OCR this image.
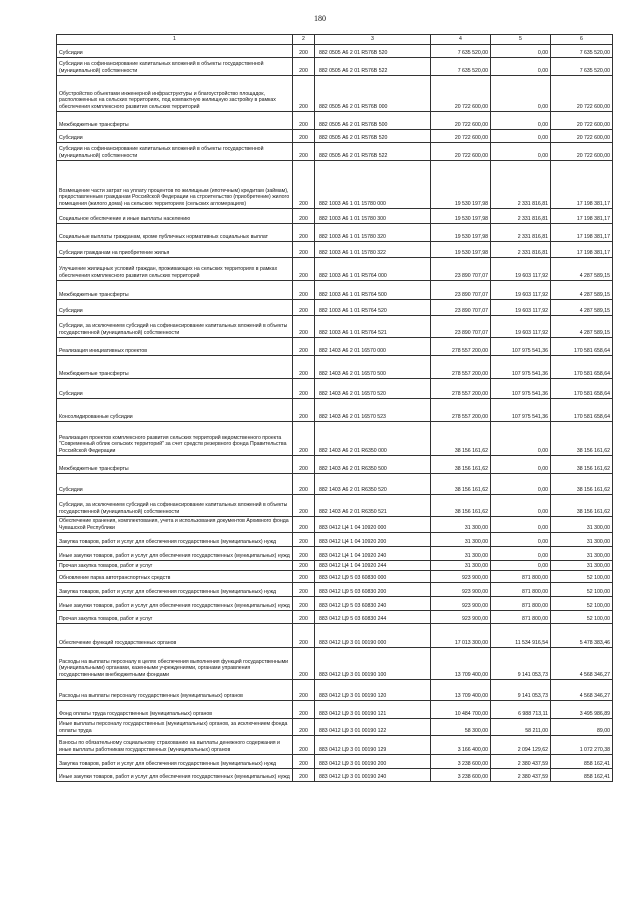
180
1	2	3	4	5	6
Субсидии	200	882 0505 А6 2 01 R576B 520	7 635 520,00	0,00	7 635 520,00
Субсидии на софинансирование капитальных вложений в объекты государственной (муниципальной) собственности	200	882 0505 А6 2 01 R576B 522	7 635 520,00	0,00	7 635 520,00
Обустройство объектами инженерной инфраструктуры и благоустройство площадок, расположенных на сельских территориях, под компактную жилищную застройку в рамках обеспечения комплексного развития сельских территорий	200	882 0505 А6 2 01 R576B 000	20 722 600,00	0,00	20 722 600,00
Межбюджетные трансферты	200	882 0505 А6 2 01 R576B 500	20 722 600,00	0,00	20 722 600,00
Субсидии	200	882 0505 А6 2 01 R576B 520	20 722 600,00	0,00	20 722 600,00
Субсидии на софинансирование капитальных вложений в объекты государственной (муниципальной) собственности	200	882 0505 А6 2 01 R576B 522	20 722 600,00	0,00	20 722 600,00
Возмещение части затрат на уплату процентов по жилищным (ипотечным) кредитам (займам), предоставленным гражданам Российской Федерации на строительство (приобретение) жилого помещения (жилого дома) на сельских территориях (сельских агломерациях)	200	882 1003 А6 1 01 15780 000	19 530 197,98	2 331 816,81	17 198 381,17
Социальное обеспечение и иные выплаты населению	200	882 1003 А6 1 01 15780 300	19 530 197,98	2 331 816,81	17 198 381,17
Социальные выплаты гражданам, кроме публичных нормативных социальных выплат	200	882 1003 А6 1 01 15780 320	19 530 197,98	2 331 816,81	17 198 381,17
Субсидии гражданам на приобретение жилья	200	882 1003 А6 1 01 15780 322	19 530 197,98	2 331 816,81	17 198 381,17
Улучшение жилищных условий граждан, проживающих на сельских территориях в рамках обеспечения комплексного развития сельских территорий	200	882 1003 А6 1 01 R5764 000	23 890 707,07	19 603 117,92	4 287 589,15
Межбюджетные трансферты	200	882 1003 А6 1 01 R5764 500	23 890 707,07	19 603 117,92	4 287 589,15
Субсидии	200	882 1003 А6 1 01 R5764 520	23 890 707,07	19 603 117,92	4 287 589,15
Субсидии, за исключением субсидий на софинансирование капитальных вложений в объекты государственной (муниципальной) собственности	200	882 1003 А6 1 01 R5764 521	23 890 707,07	19 603 117,92	4 287 589,15
Реализация инициативных проектов	200	882 1403 А6 2 01 16570 000	278 557 200,00	107 975 541,36	170 581 658,64
Межбюджетные трансферты	200	882 1403 А6 2 01 16570 500	278 557 200,00	107 975 541,36	170 581 658,64
Субсидии	200	882 1403 А6 2 01 16570 520	278 557 200,00	107 975 541,36	170 581 658,64
Консолидированные субсидии	200	882 1403 А6 2 01 16570 523	278 557 200,00	107 975 541,36	170 581 658,64
Реализация проектов комплексного развития сельских территорий ведомственного проекта "Современный облик сельских территорий" за счет средств резервного фонда Правительства Российской Федерации	200	882 1403 А6 2 01 R6350 000	38 156 161,62	0,00	38 156 161,62
Межбюджетные трансферты	200	882 1403 А6 2 01 R6350 500	38 156 161,62	0,00	38 156 161,62
Субсидии	200	882 1403 А6 2 01 R6350 520	38 156 161,62	0,00	38 156 161,62
Субсидии, за исключением субсидий на софинансирование капитальных вложений в объекты государственной (муниципальной) собственности	200	882 1403 А6 2 01 R6350 521	38 156 161,62	0,00	38 156 161,62
Обеспечение хранения, комплектования, учета и использования документов Архивного фонда Чувашской Республики	200	883 0412 Ц4 1 04 10920 000	31 300,00	0,00	31 300,00
Закупка товаров, работ и услуг для обеспечения государственных (муниципальных) нужд	200	883 0412 Ц4 1 04 10920 200	31 300,00	0,00	31 300,00
Иные закупки товаров, работ и услуг для обеспечения государственных (муниципальных) нужд	200	883 0412 Ц4 1 04 10920 240	31 300,00	0,00	31 300,00
Прочая закупка товаров, работ и услуг	200	883 0412 Ц4 1 04 10920 244	31 300,00	0,00	31 300,00
Обновление парка автотранспортных средств	200	883 0412 Ц9 5 03 60830 000	923 900,00	871 800,00	52 100,00
Закупка товаров, работ и услуг для обеспечения государственных (муниципальных) нужд	200	883 0412 Ц9 5 03 60830 200	923 900,00	871 800,00	52 100,00
Иные закупки товаров, работ и услуг для обеспечения государственных (муниципальных) нужд	200	883 0412 Ц9 5 03 60830 240	923 900,00	871 800,00	52 100,00
Прочая закупка товаров, работ и услуг	200	883 0412 Ц9 5 03 60830 244	923 900,00	871 800,00	52 100,00
Обеспечение функций государственных органов	200	883 0412 Ц9 3 01 00190 000	17 013 300,00	11 534 916,54	5 478 383,46
Расходы на выплаты персоналу в целях обеспечения выполнения функций государственными (муниципальными) органами, казенными учреждениями, органами управления государственными внебюджетными фондами	200	883 0412 Ц9 3 01 00190 100	13 709 400,00	9 141 053,73	4 568 346,27
Расходы на выплаты персоналу государственных (муниципальных) органов	200	883 0412 Ц9 3 01 00190 120	13 709 400,00	9 141 053,73	4 568 346,27
Фонд оплаты труда государственных (муниципальных) органов	200	883 0412 Ц9 3 01 00190 121	10 484 700,00	6 988 713,11	3 495 986,89
Иные выплаты персоналу государственных (муниципальных) органов, за исключением фонда оплаты труда	200	883 0412 Ц9 3 01 00190 122	58 300,00	58 211,00	89,00
Взносы по обязательному социальному страхованию на выплаты денежного содержания и иные выплаты работникам государственных (муниципальных) органов	200	883 0412 Ц9 3 01 00190 129	3 166 400,00	2 094 129,62	1 072 270,38
Закупка товаров, работ и услуг для обеспечения государственных (муниципальных) нужд	200	883 0412 Ц9 3 01 00190 200	3 238 600,00	2 380 437,59	858 162,41
Иные закупки товаров, работ и услуг для обеспечения государственных (муниципальных) нужд	200	883 0412 Ц9 3 01 00190 240	3 238 600,00	2 380 437,59	858 162,41
